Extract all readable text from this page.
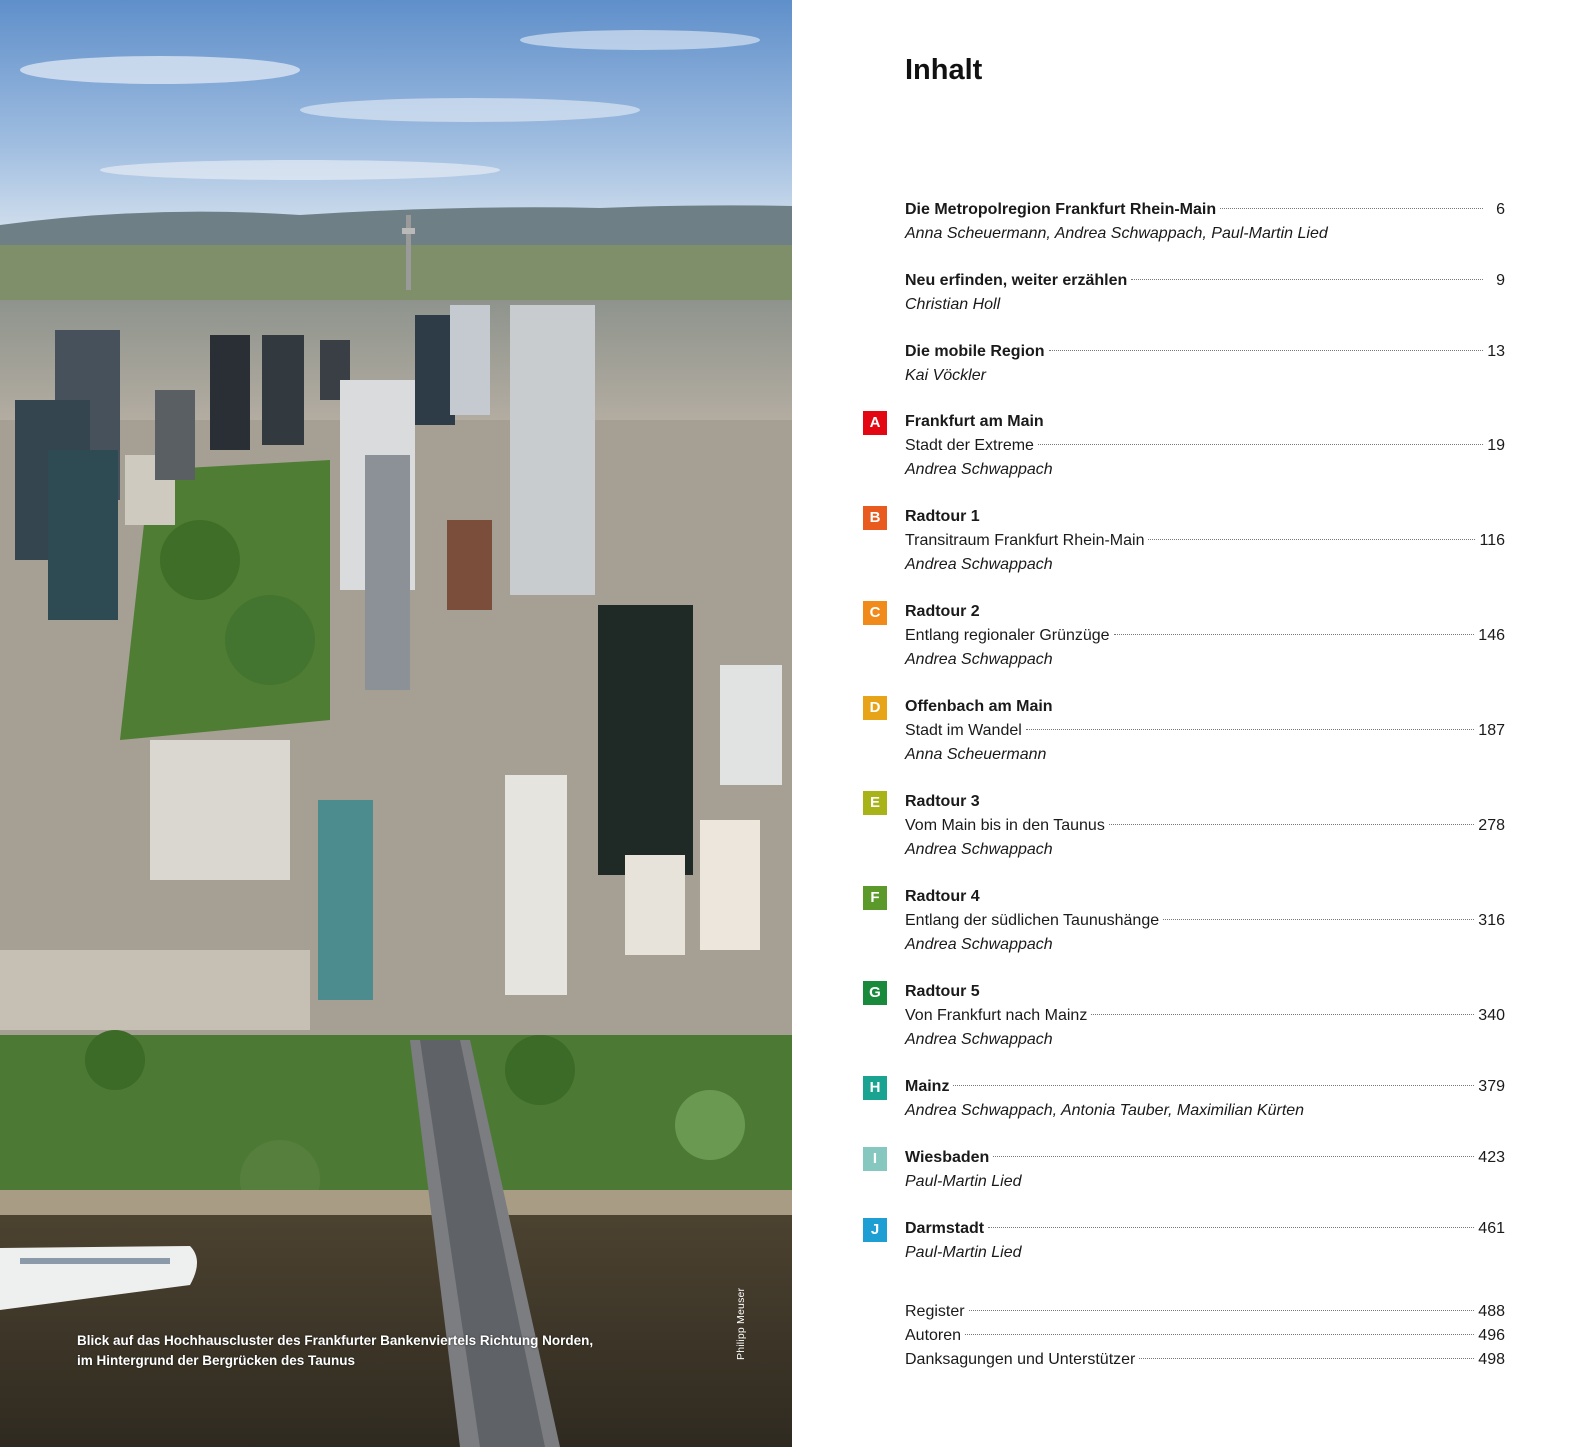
Blick auf das Hochhauscluster des Frankfurter Bankenviertels Richtung Norden,
im Hintergrund der Bergrücken des Taunus
Philipp Meuser
Inhalt
Die Metropolregion Frankfurt Rhein-Main	6
Anna Scheuermann, Andrea Schwappach, Paul-Martin Lied
Neu erfinden, weiter erzählen	9
Christian Holl
Die mobile Region	13
Kai Vöckler
A	Frankfurt am Main
Stadt der Extreme	19
Andrea Schwappach
B	Radtour 1
Transitraum Frankfurt Rhein-Main	116
Andrea Schwappach
C	Radtour 2
Entlang regionaler Grünzüge	146
Andrea Schwappach
D	Offenbach am Main
Stadt im Wandel	187
Anna Scheuermann
E	Radtour 3
Vom Main bis in den Taunus	278
Andrea Schwappach
F	Radtour 4
Entlang der südlichen Taunushänge	316
Andrea Schwappach
G	Radtour 5
Von Frankfurt nach Mainz	340
Andrea Schwappach
H	Mainz	379
Andrea Schwappach, Antonia Tauber, Maximilian Kürten
I	Wiesbaden	423
Paul-Martin Lied
J	Darmstadt	461
Paul-Martin Lied
Register	488
Autoren	496
Danksagungen und Unterstützer	498
